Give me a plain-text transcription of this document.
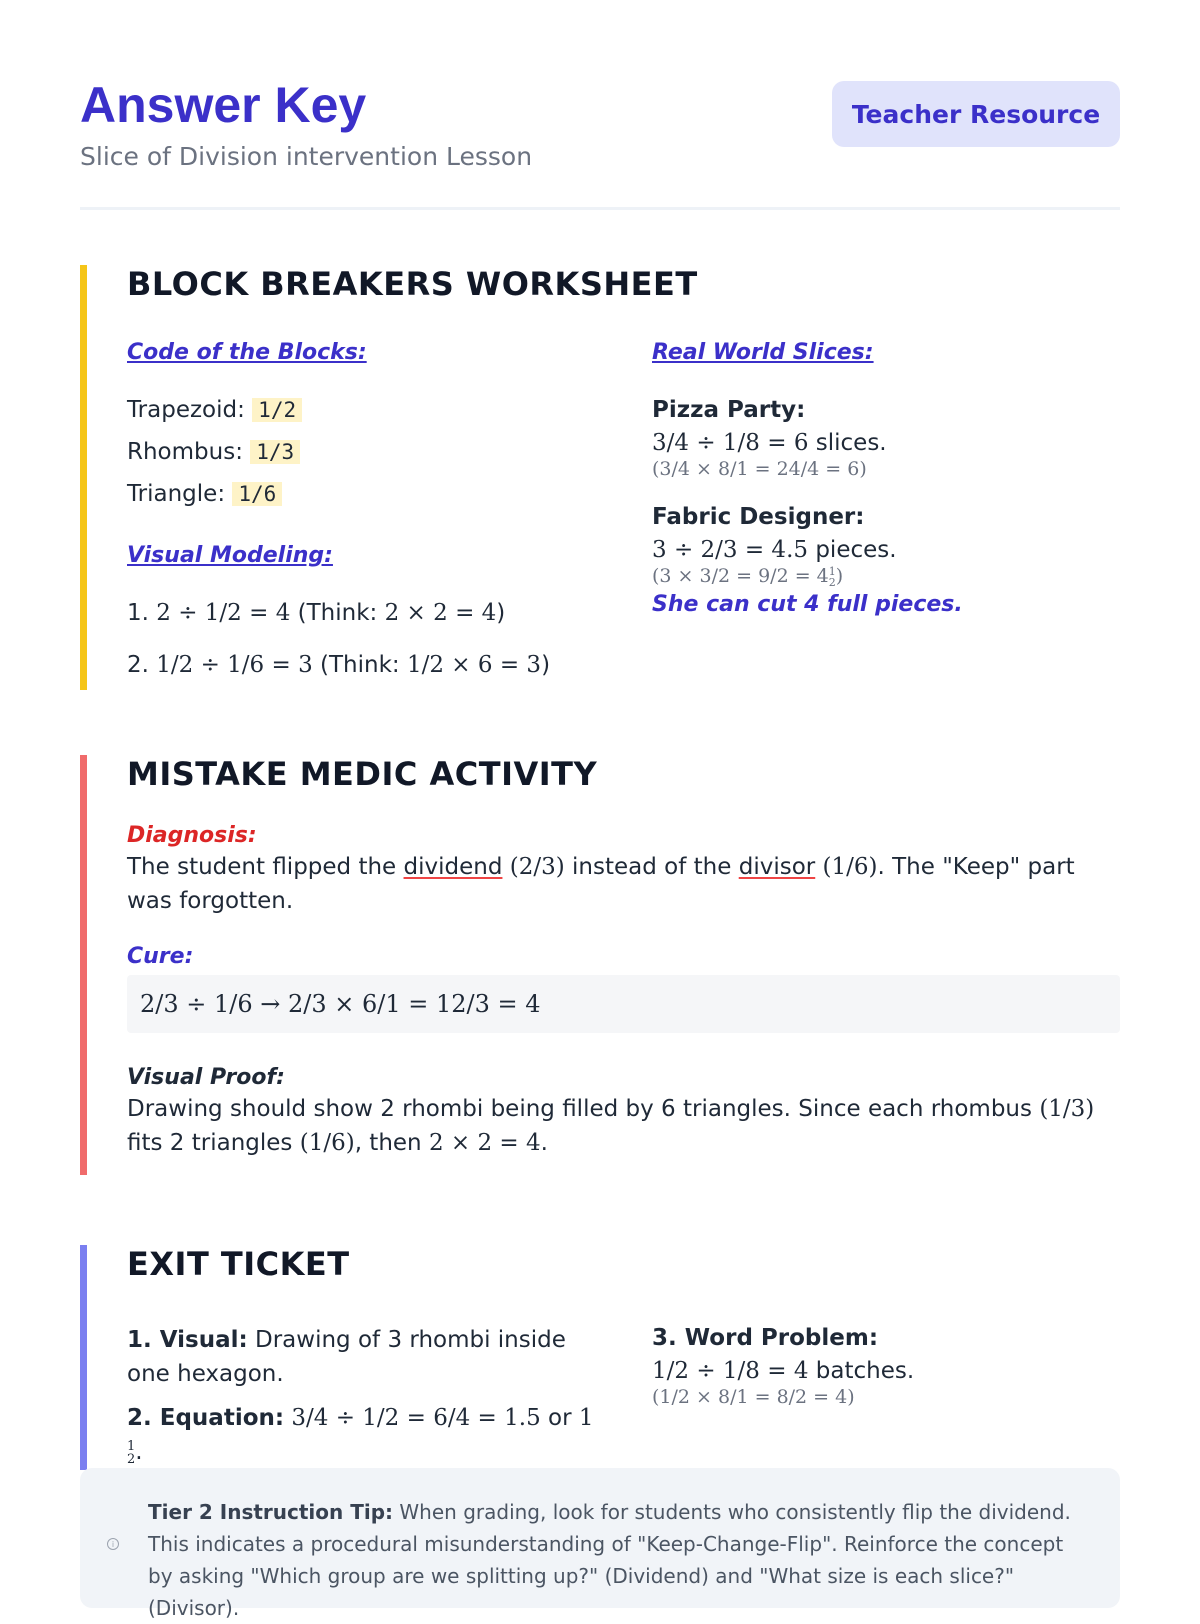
Answer Key
Slice of Division intervention Lesson
Teacher Resource
BLOCK BREAKERS WORKSHEET
Code of the Blocks:
Trapezoid: 1/2
Rhombus: 1/3
Triangle: 1/6
Visual Modeling:
1. 2 ÷ 1/2 = 4 (Think: 2 × 2 = 4)
2. 1/2 ÷ 1/6 = 3 (Think: 1/2 × 6 = 3)
Real World Slices:
Pizza Party:
3/4 ÷ 1/8 = 6 slices.
(3/4 × 8/1 = 24/4 = 6)
Fabric Designer:
3 ÷ 2/3 = 4.5 pieces.
(3 × 3/2 = 9/2 = 4 1
2 )
She can cut 4 full pieces.
MISTAKE MEDIC ACTIVITY
Diagnosis:
The student flipped the dividend (2/3) instead of the divisor (1/6). The "Keep" part was forgotten.
Cure:
2/3 ÷ 1/6 → 2/3 × 6/1 = 12/3 = 4
Visual Proof:
Drawing should show 2 rhombi being filled by 6 triangles. Since each rhombus (1/3) fits 2 triangles (1/6), then 2 × 2 = 4.
EXIT TICKET
1. Visual: Drawing of 3 rhombi inside one hexagon.
2. Equation: 3/4 ÷ 1/2 = 6/4 = 1.5 or 1
1
2 .
3. Word Problem:
1/2 ÷ 1/8 = 4 batches.
(1/2 × 8/1 = 8/2 = 4)
i
Tier 2 Instruction Tip: When grading, look for students who consistently flip the dividend. This indicates a procedural misunderstanding of "Keep-Change-Flip". Reinforce the concept by asking "Which group are we splitting up?" (Dividend) and "What size is each slice?" (Divisor).
